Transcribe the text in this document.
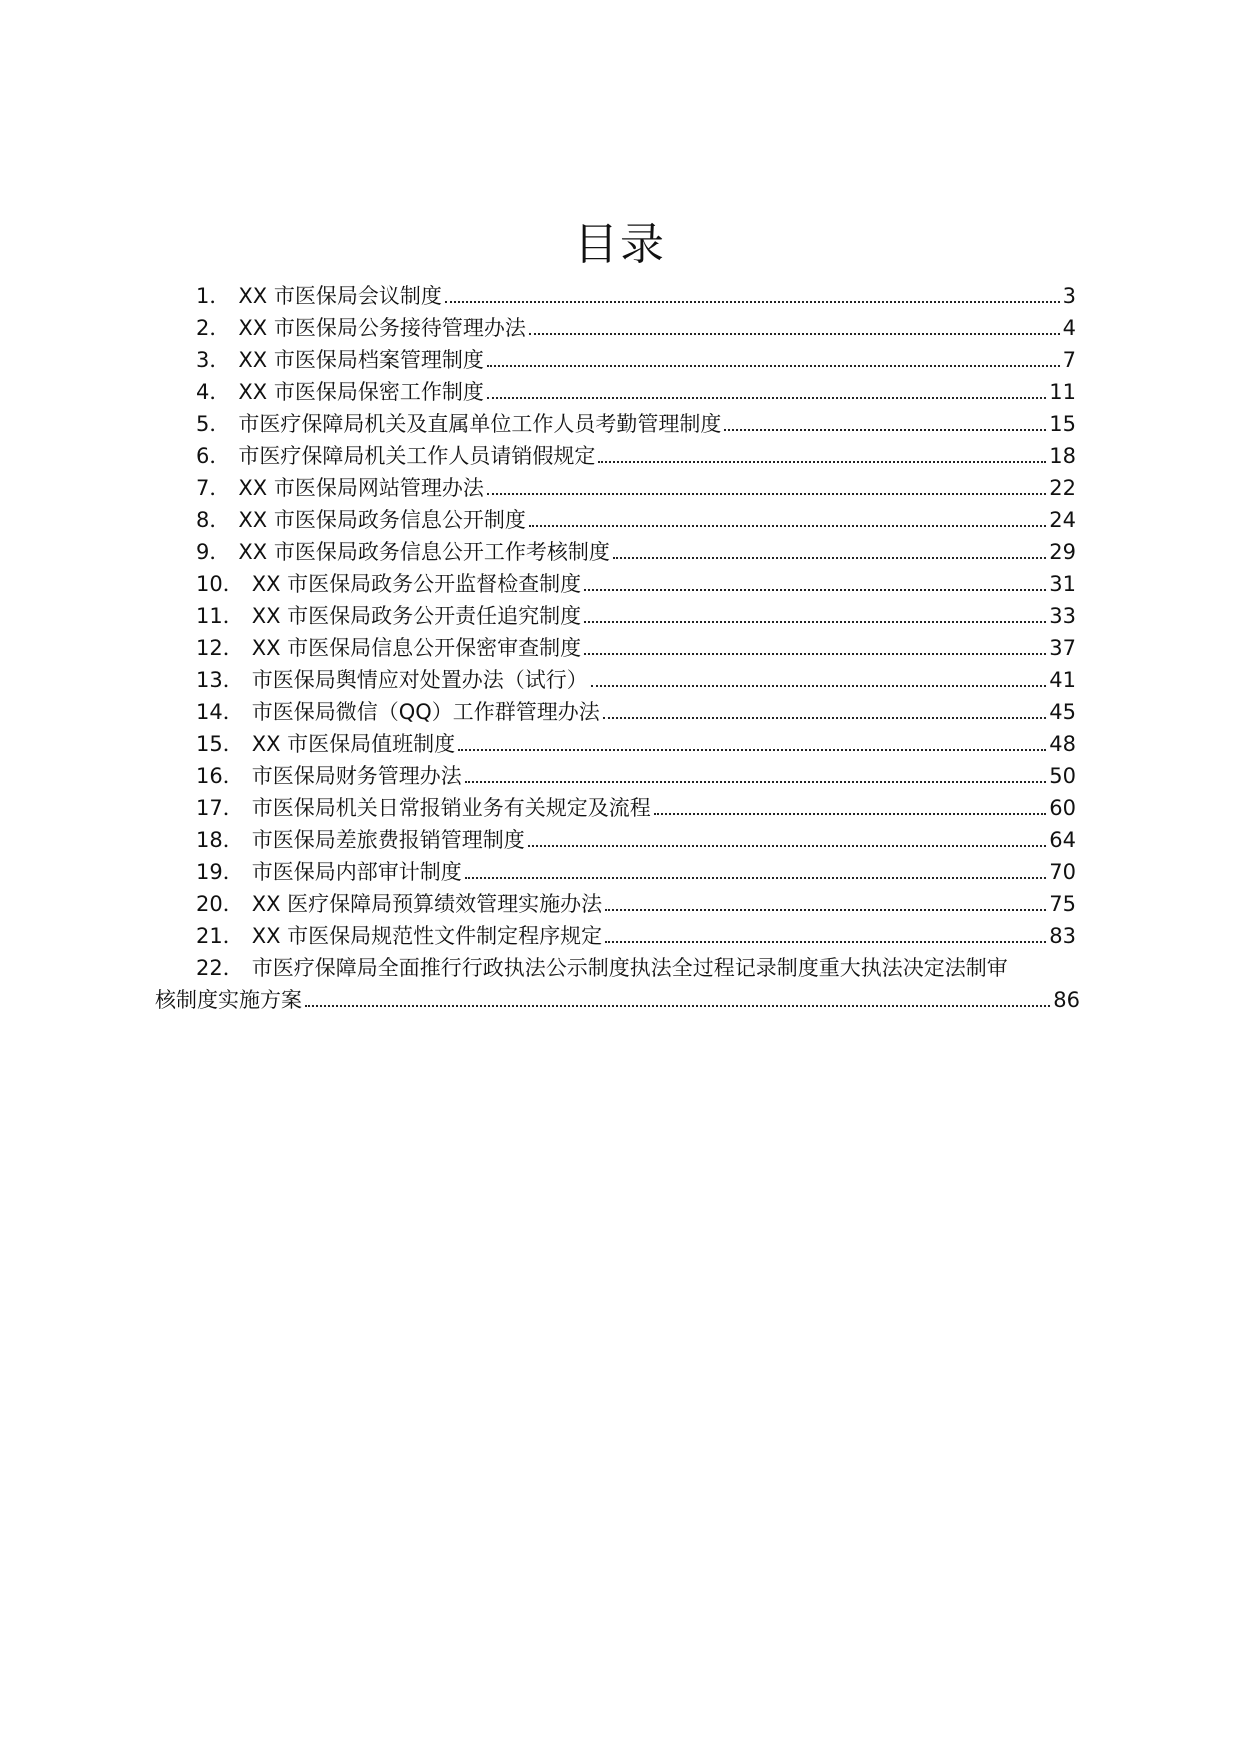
目录
1． XX 市医保局会议制度	3
2． XX 市医保局公务接待管理办法	4
3． XX 市医保局档案管理制度	7
4． XX 市医保局保密工作制度	11
5． 市医疗保障局机关及直属单位工作人员考勤管理制度	15
6． 市医疗保障局机关工作人员请销假规定	18
7． XX 市医保局网站管理办法	22
8． XX 市医保局政务信息公开制度	24
9． XX 市医保局政务信息公开工作考核制度	29
10． XX 市医保局政务公开监督检查制度	31
11． XX 市医保局政务公开责任追究制度	33
12． XX 市医保局信息公开保密审查制度	37
13． 市医保局舆情应对处置办法（试行）	41
14． 市医保局微信（QQ）工作群管理办法	45
15． XX 市医保局值班制度	48
16． 市医保局财务管理办法	50
17． 市医保局机关日常报销业务有关规定及流程	60
18． 市医保局差旅费报销管理制度	64
19． 市医保局内部审计制度	70
20． XX 医疗保障局预算绩效管理实施办法	75
21． XX 市医保局规范性文件制定程序规定	83
22． 市医疗保障局全面推行行政执法公示制度执法全过程记录制度重大执法决定法制审
核制度实施方案	86
